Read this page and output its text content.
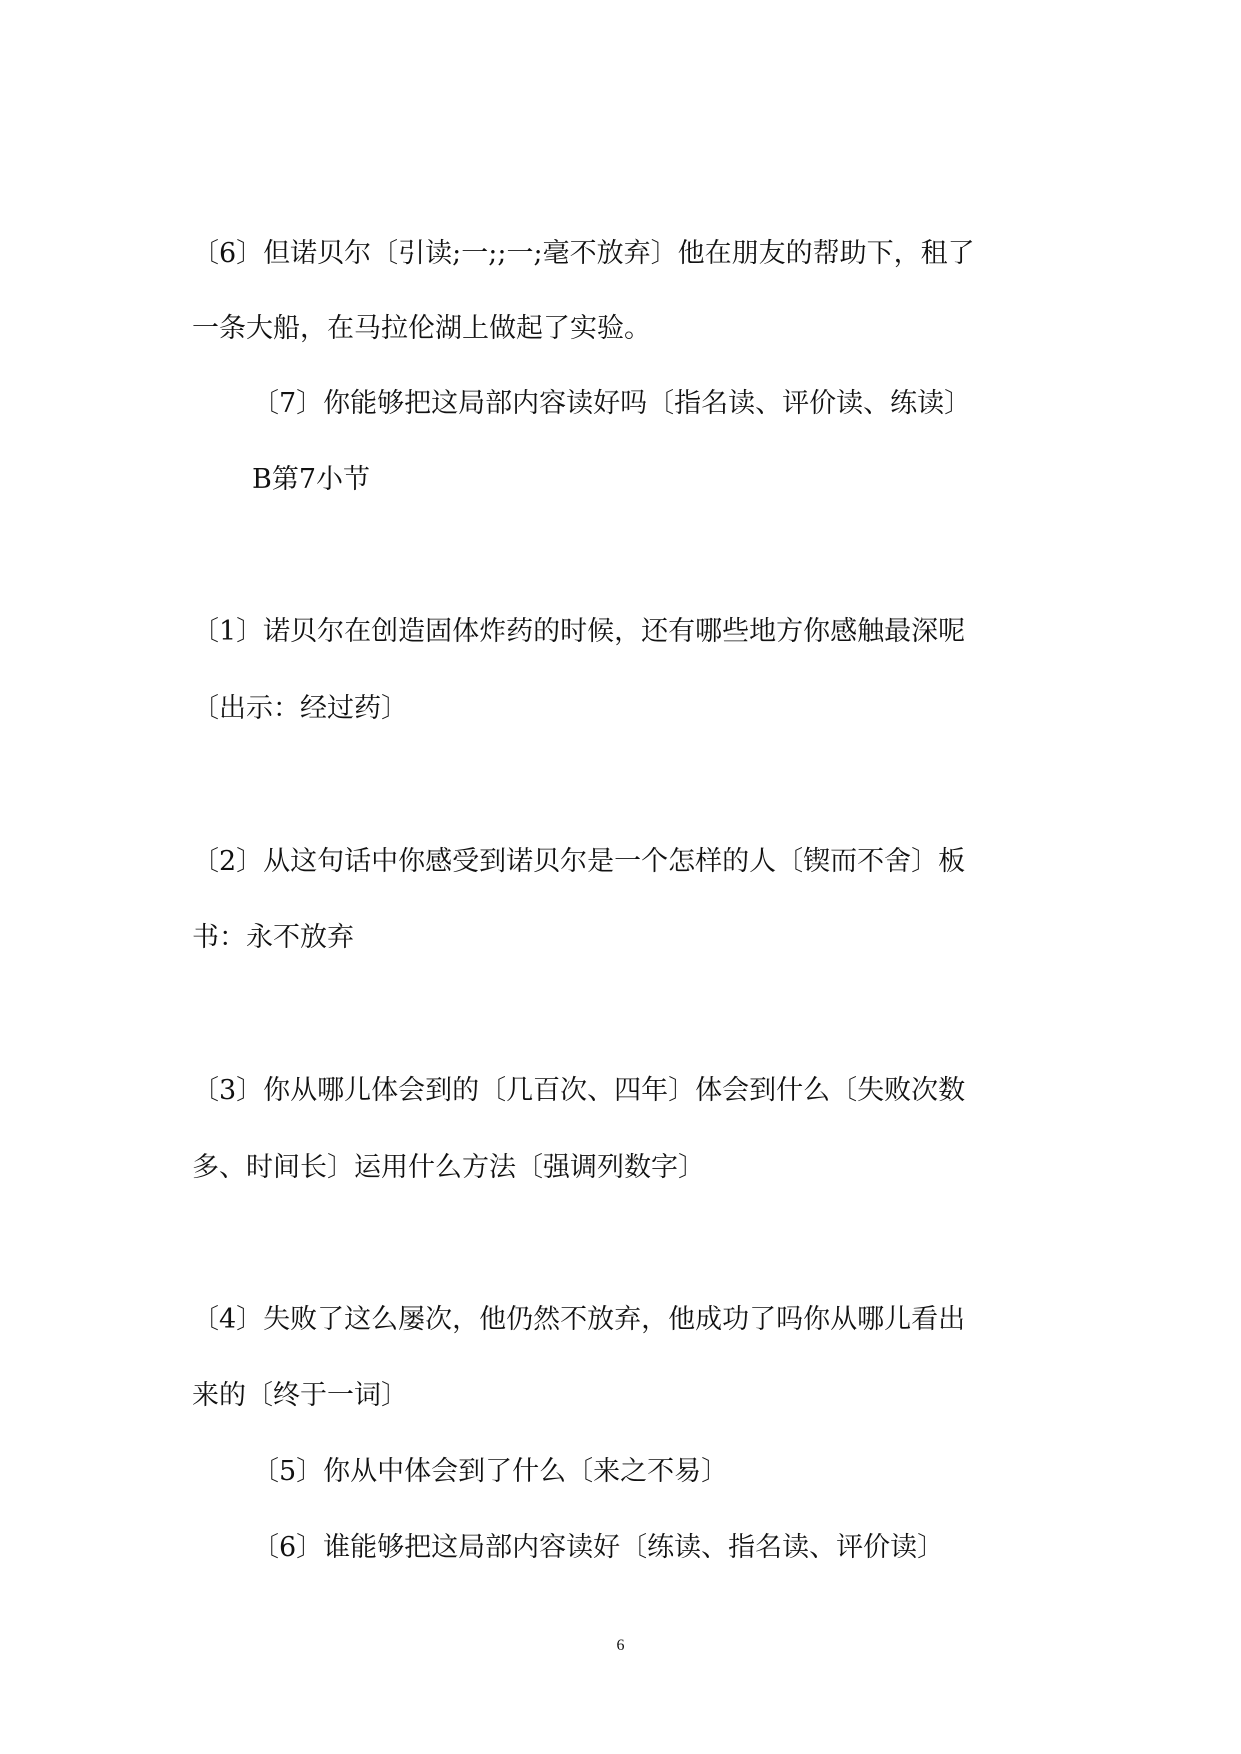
〔6〕但诺贝尔〔引读;一;;一;毫不放弃〕他在朋友的帮助下，租了
一条大船，在马拉伦湖上做起了实验。
〔7〕你能够把这局部内容读好吗〔指名读、评价读、练读〕
B第7小节
〔1〕诺贝尔在创造固体炸药的时候，还有哪些地方你感触最深呢
〔出示：经过药〕
〔2〕从这句话中你感受到诺贝尔是一个怎样的人〔锲而不舍〕板
书：永不放弃
〔3〕你从哪儿体会到的〔几百次、四年〕体会到什么〔失败次数
多、时间长〕运用什么方法〔强调列数字〕
〔4〕失败了这么屡次，他仍然不放弃，他成功了吗你从哪儿看出
来的〔终于一词〕
〔5〕你从中体会到了什么〔来之不易〕
〔6〕谁能够把这局部内容读好〔练读、指名读、评价读〕
6
